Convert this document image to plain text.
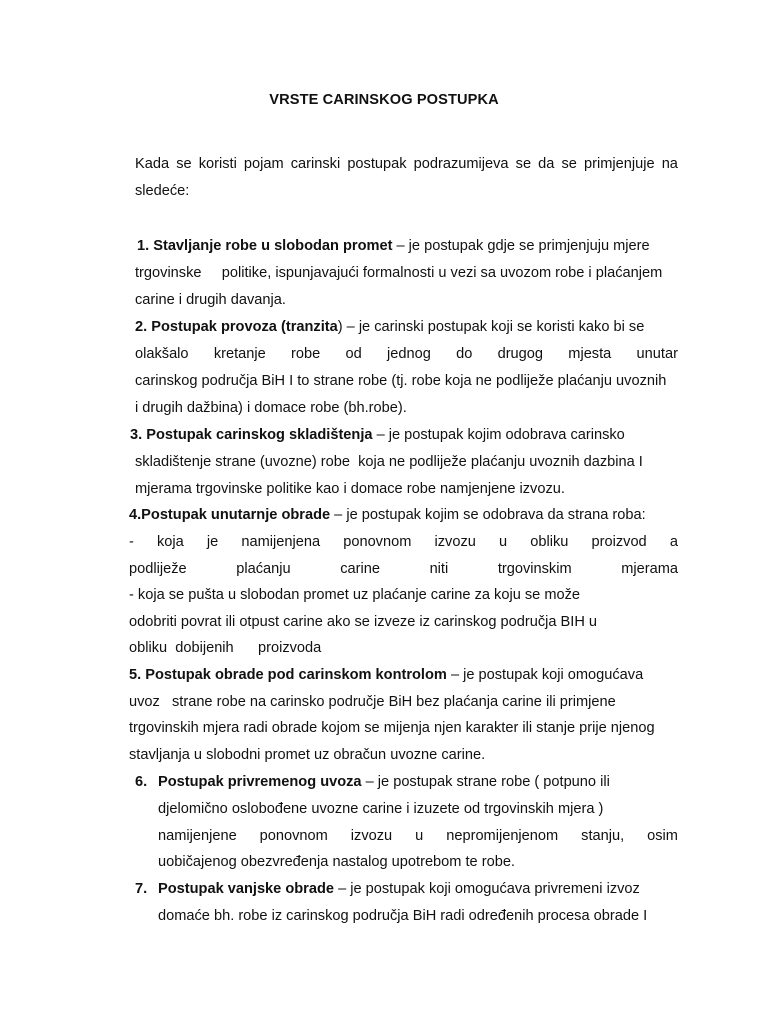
VRSTE CARINSKOG POSTUPKA
Kada se koristi pojam carinski postupak podrazumijeva se da se primjenjuje na
sledeće:
1. Stavljanje robe u slobodan promet – je postupak gdje se primjenjuju mjere
trgovinske     politike, ispunjavajući formalnosti u vezi sa uvozom robe i plaćanjem
carine i drugih davanja.
2. Postupak provoza (tranzita) – je carinski postupak koji se koristi kako bi se
olakšalo kretanje robe od jednog do drugog mjesta unutar
carinskog područja BiH I to strane robe (tj. robe koja ne podliježe plaćanju uvoznih
i drugih dažbina) i domace robe (bh.robe).
3. Postupak carinskog skladištenja – je postupak kojim odobrava carinsko
skladištenje strane (uvozne) robe  koja ne podliježe plaćanju uvoznih dazbina I
mjerama trgovinske politike kao i domace robe namjenjene izvozu.
4.Postupak unutarnje obrade – je postupak kojim se odobrava da strana roba:
- koja je namijenjena ponovnom izvozu u obliku proizvod a
podliježe	plaćanju	carine	niti	trgovinskim	mjerama
- koja se pušta u slobodan promet uz plaćanje carine za koju se može
odobriti povrat ili otpust carine ako se izveze iz carinskog područja BIH u
obliku  dobijenih      proizvoda
5. Postupak obrade pod carinskom kontrolom – je postupak koji omogućava
uvoz   strane robe na carinsko područje BiH bez plaćanja carine ili primjene
trgovinskih mjera radi obrade kojom se mijenja njen karakter ili stanje prije njenog
stavljanja u slobodni promet uz obračun uvozne carine.
6. Postupak privremenog uvoza – je postupak strane robe ( potpuno ili
djelomično oslobođene uvozne carine i izuzete od trgovinskih mjera )
namijenjene ponovnom izvozu u nepromijenjenom stanju, osim
uobičajenog obezvređenja nastalog upotrebom te robe.
7. Postupak vanjske obrade – je postupak koji omogućava privremeni izvoz
domaće bh. robe iz carinskog područja BiH radi određenih procesa obrade I
